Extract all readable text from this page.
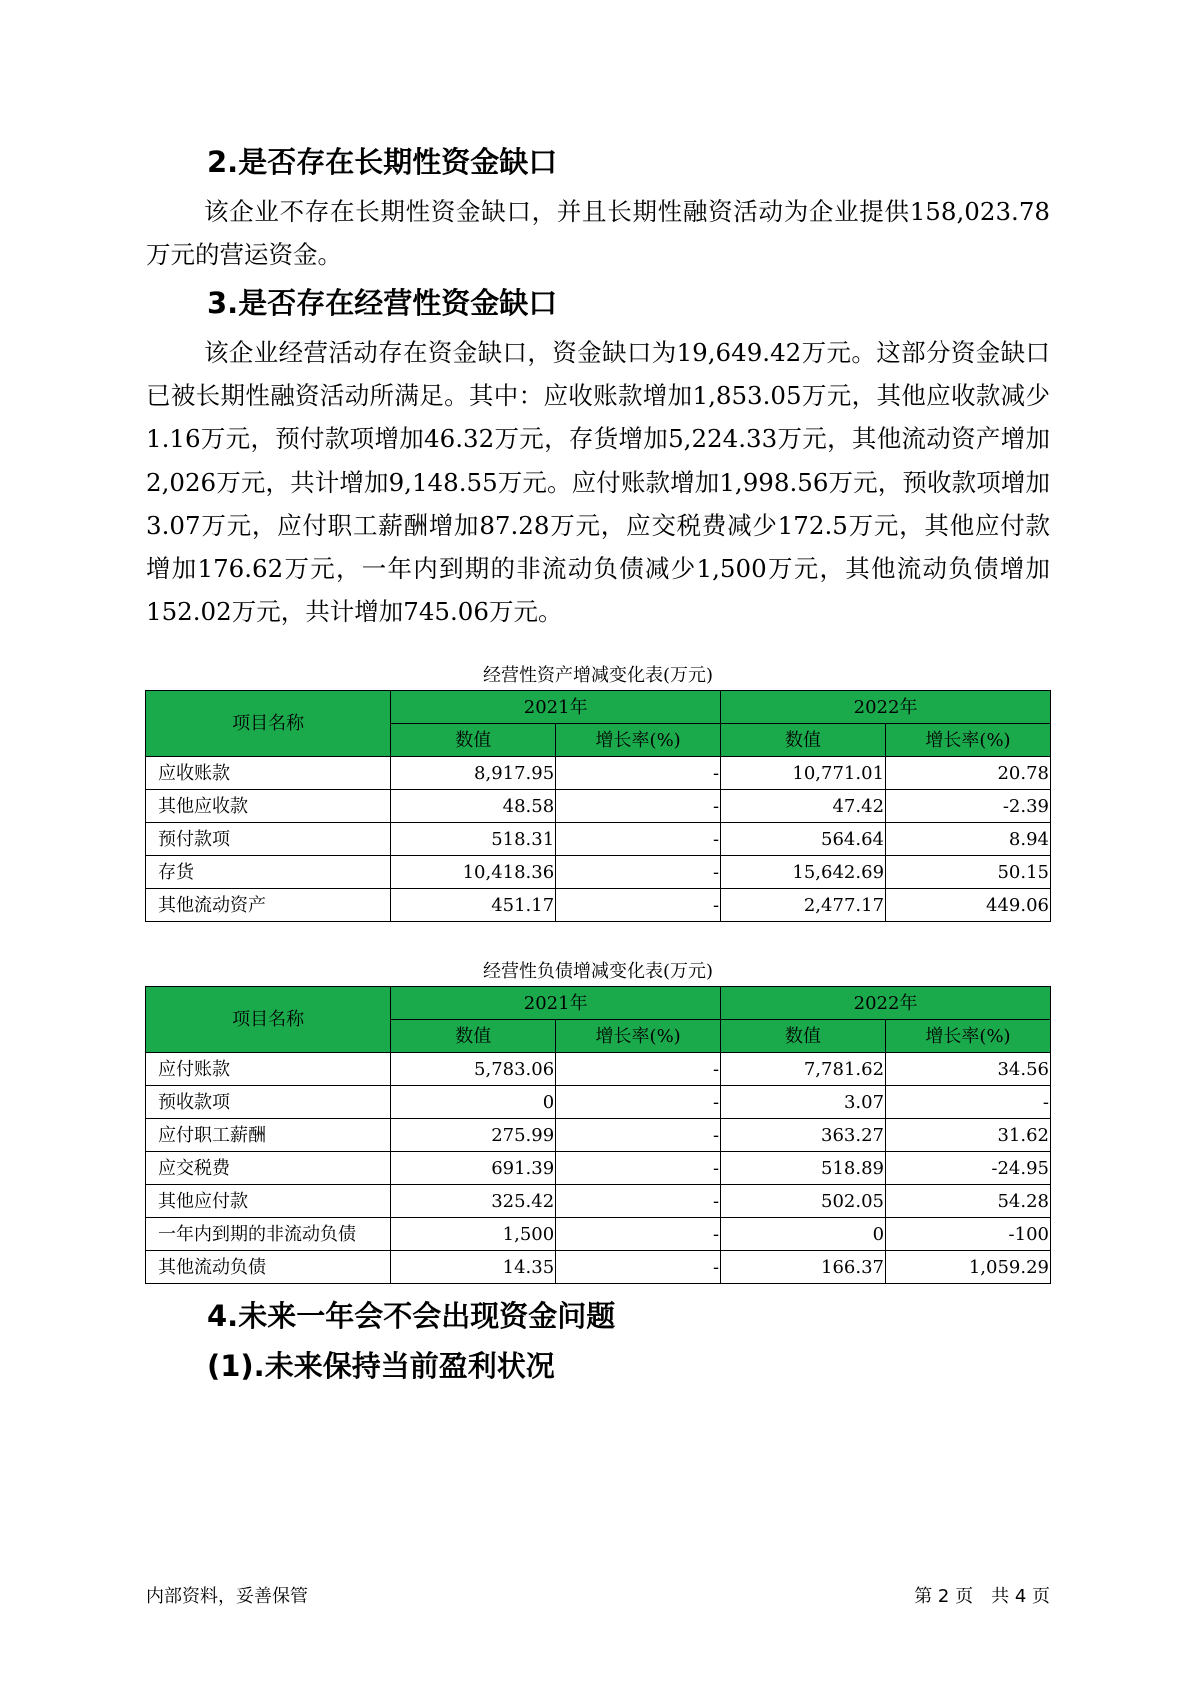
2.是否存在长期性资金缺口

该企业不存在长期性资金缺口，并且长期性融资活动为企业提供158,023.78万元的营运资金。

3.是否存在经营性资金缺口

该企业经营活动存在资金缺口，资金缺口为19,649.42万元。这部分资金缺口已被长期性融资活动所满足。其中：应收账款增加1,853.05万元，其他应收款减少1.16万元，预付款项增加46.32万元，存货增加5,224.33万元，其他流动资产增加2,026万元，共计增加9,148.55万元。应付账款增加1,998.56万元，预收款项增加3.07万元，应付职工薪酬增加87.28万元，应交税费减少172.5万元，其他应付款增加176.62万元，一年内到期的非流动负债减少1,500万元，其他流动负债增加152.02万元，共计增加745.06万元。

经营性资产增减变化表(万元)
项目名称	2021年		2022年	
	数值	增长率(%)	数值	增长率(%)
应收账款	8,917.95	-	10,771.01	20.78
其他应收款	48.58	-	47.42	-2.39
预付款项	518.31	-	564.64	8.94
存货	10,418.36	-	15,642.69	50.15
其他流动资产	451.17	-	2,477.17	449.06
经营性负债增减变化表(万元)
项目名称	2021年		2022年	
	数值	增长率(%)	数值	增长率(%)
应付账款	5,783.06	-	7,781.62	34.56
预收款项	0	-	3.07	-
应付职工薪酬	275.99	-	363.27	31.62
应交税费	691.39	-	518.89	-24.95
其他应付款	325.42	-	502.05	54.28
一年内到期的非流动负债	1,500	-	0	-100
其他流动负债	14.35	-	166.37	1,059.29
4.未来一年会不会出现资金问题
(1).未来保持当前盈利状况
内部资料，妥善保管	第 2 页　共 4 页
